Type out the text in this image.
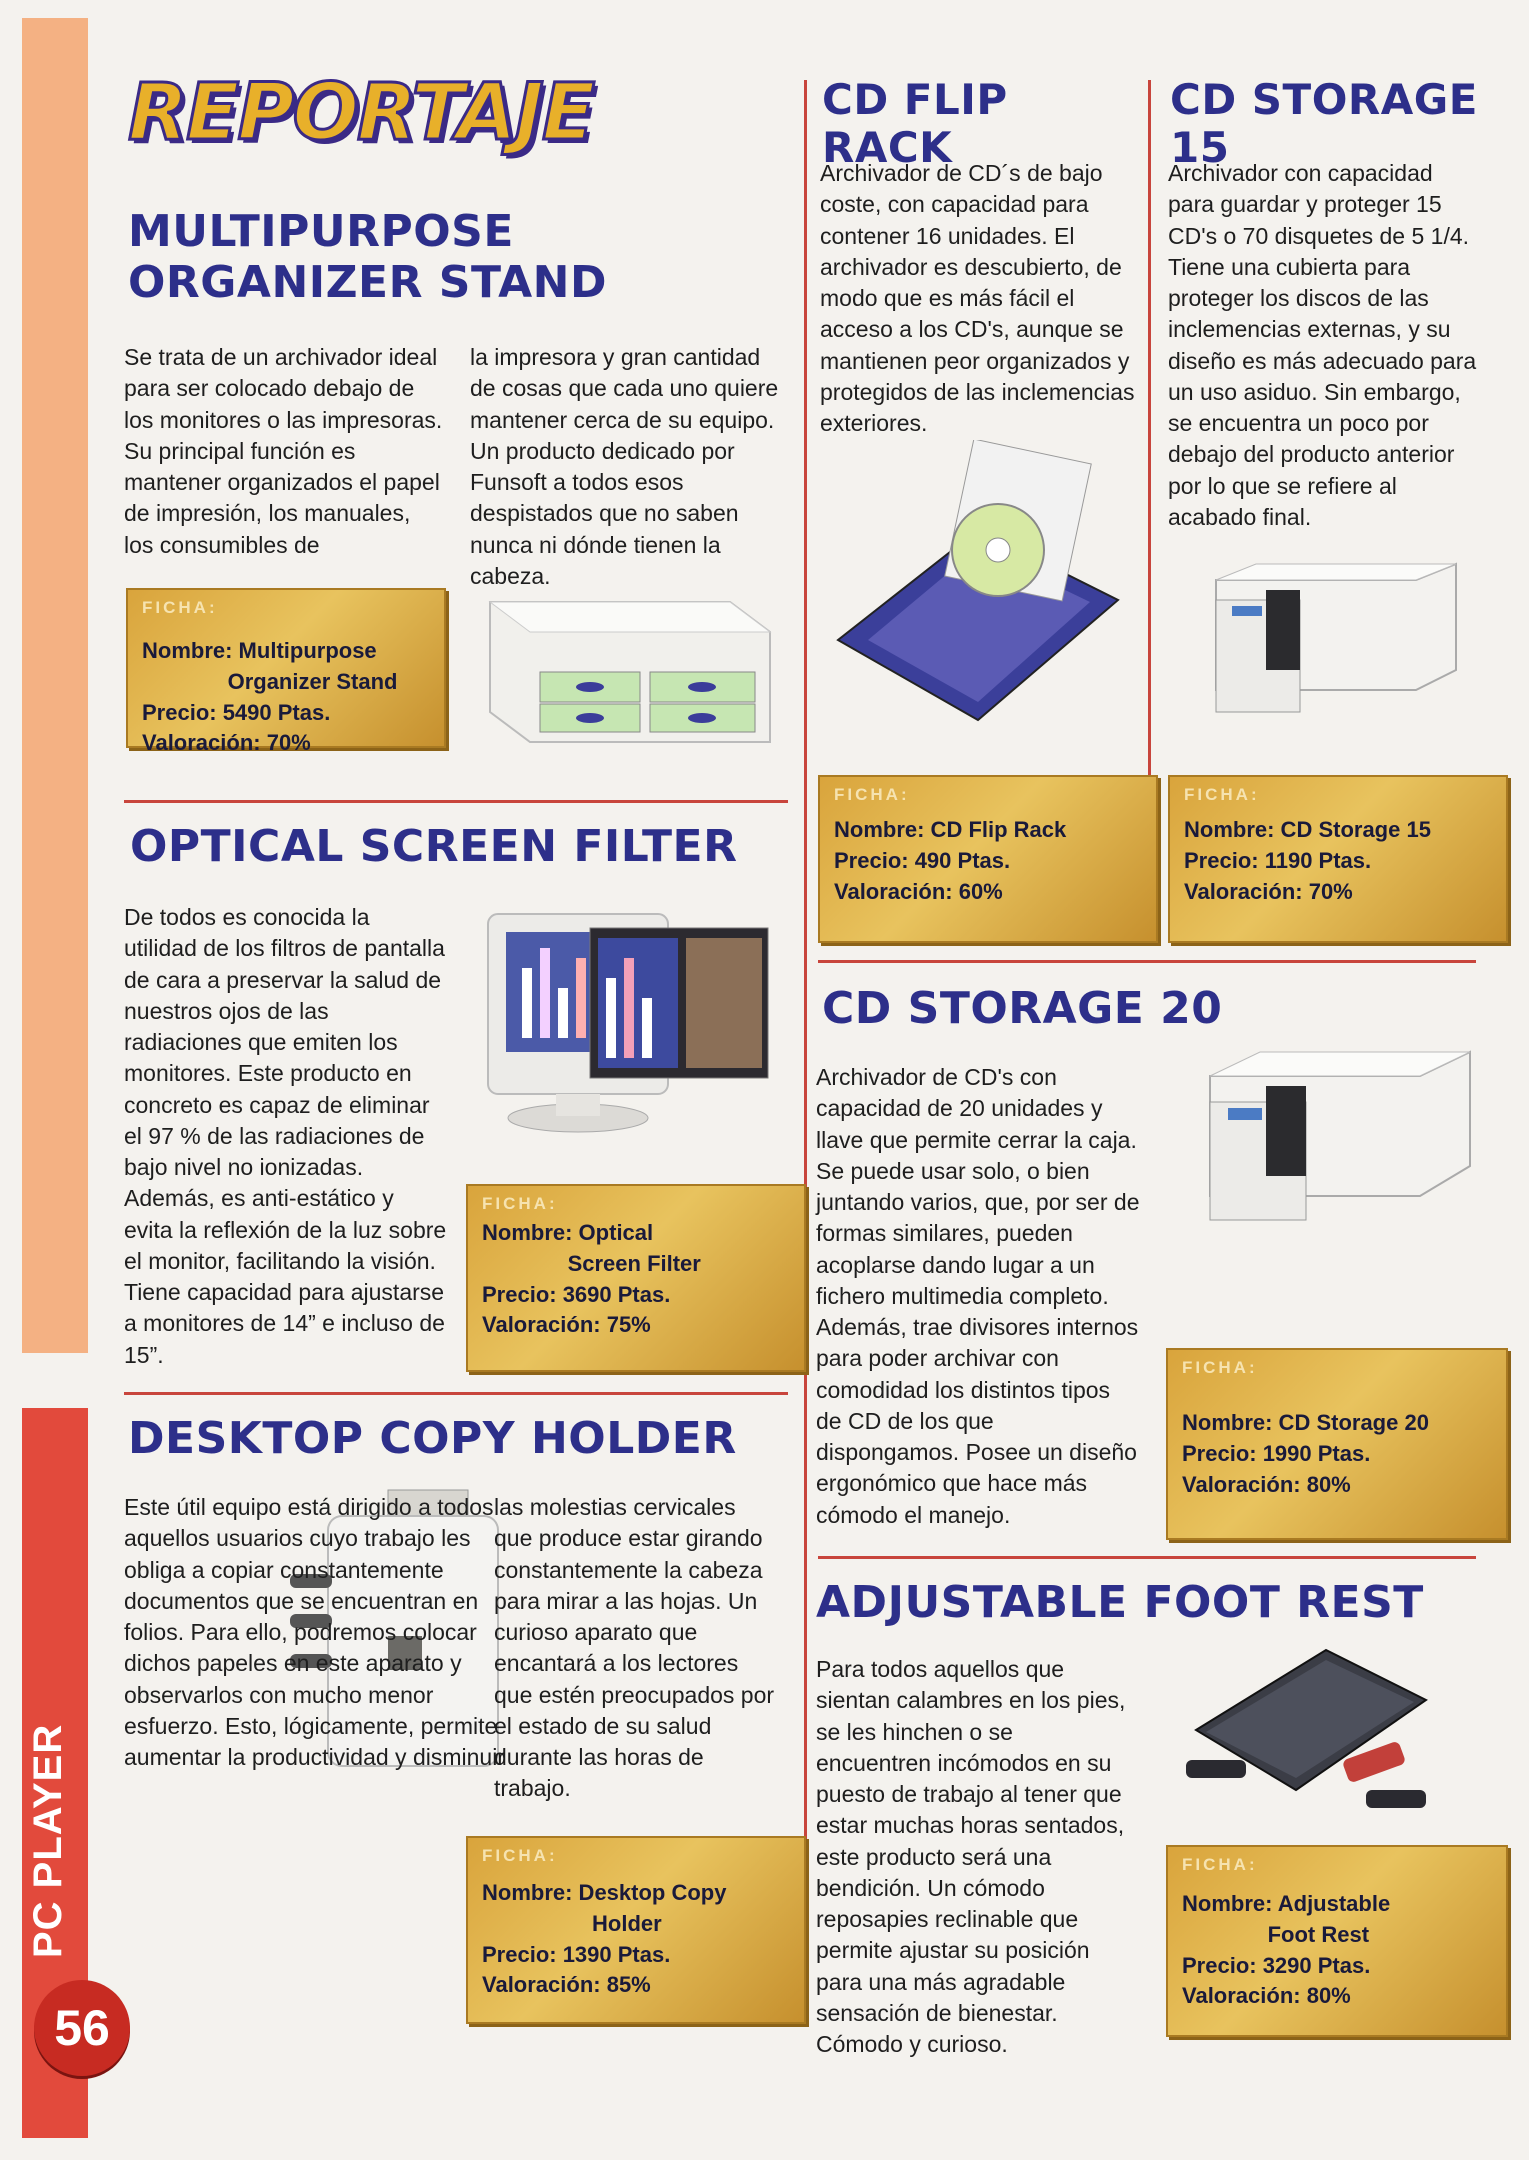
56
REPORTAJE
MULTIPURPOSE ORGANIZER STAND

Se trata de un archivador ideal para ser colocado debajo de los monitores o las impresoras. Su principal función es mantener organizados el papel de impresión, los manuales, los consumibles de

la impresora y gran cantidad de cosas que cada uno quiere mantener cerca de su equipo. Un producto dedicado por Funsoft a todos esos despistados que no saben nunca ni dónde tienen la cabeza.

FICHA:
Nombre: Multipurpose
Organizer Stand
Precio: 5490 Ptas.
Valoración: 70%
OPTICAL SCREEN FILTER

De todos es conocida la utilidad de los filtros de pantalla de cara a preservar la salud de nuestros ojos de las radiaciones que emiten los monitores. Este producto en concreto es capaz de eliminar el 97 % de las radiaciones de bajo nivel no ionizadas. Además, es anti-estático y evita la reflexión de la luz sobre el monitor, facilitando la visión. Tiene capacidad para ajustarse a monitores de 14” e incluso de 15”.

FICHA:
Nombre: Optical
Screen Filter
Precio: 3690 Ptas.
Valoración: 75%
DESKTOP COPY HOLDER

Este útil equipo está dirigido a todos aquellos usuarios cuyo trabajo les obliga a copiar constantemente documentos que se encuentran en folios. Para ello, podremos colocar dichos papeles en este aparato y observarlos con mucho menor esfuerzo. Esto, lógicamente, permite aumentar la productividad y disminuir

las molestias cervicales que produce estar girando constantemente la cabeza para mirar a las hojas. Un curioso aparato que encantará a los lectores que estén preocupados por el estado de su salud durante las horas de trabajo.

FICHA:
Nombre: Desktop Copy
Holder
Precio: 1390 Ptas.
Valoración: 85%
CD FLIP RACK

Archivador de CD´s de bajo coste, con capacidad para contener 16 unidades. El archivador es descubierto, de modo que es más fácil el acceso a los CD's, aunque se mantienen peor organizados y protegidos de las inclemencias exteriores.

FICHA:
Nombre: CD Flip Rack
Precio: 490 Ptas.
Valoración: 60%
CD STORAGE 15

Archivador con capacidad para guardar y proteger 15 CD's o 70 disquetes de 5 1/4. Tiene una cubierta para proteger los discos de las inclemencias externas, y su diseño es más adecuado para un uso asiduo. Sin embargo, se encuentra un poco por debajo del producto anterior por lo que se refiere al acabado final.

FICHA:
Nombre: CD Storage 15
Precio: 1190 Ptas.
Valoración: 70%
CD STORAGE 20

Archivador de CD's con capacidad de 20 unidades y llave que permite cerrar la caja. Se puede usar solo, o bien juntando varios, que, por ser de formas similares, pueden acoplarse dando lugar a un fichero multimedia completo. Además, trae divisores internos para poder archivar con comodidad los distintos tipos de CD de los que dispongamos. Posee un diseño ergonómico que hace más cómodo el manejo.

FICHA:
Nombre: CD Storage 20
Precio: 1990 Ptas.
Valoración: 80%
ADJUSTABLE FOOT REST

Para todos aquellos que sientan calambres en los pies, se les hinchen o se encuentren incómodos en su puesto de trabajo al tener que estar muchas horas sentados, este producto será una bendición. Un cómodo reposapies reclinable que permite ajustar su posición para una más agradable sensación de bienestar. Cómodo y curioso.

FICHA:
Nombre: Adjustable
Foot Rest
Precio: 3290 Ptas.
Valoración: 80%
